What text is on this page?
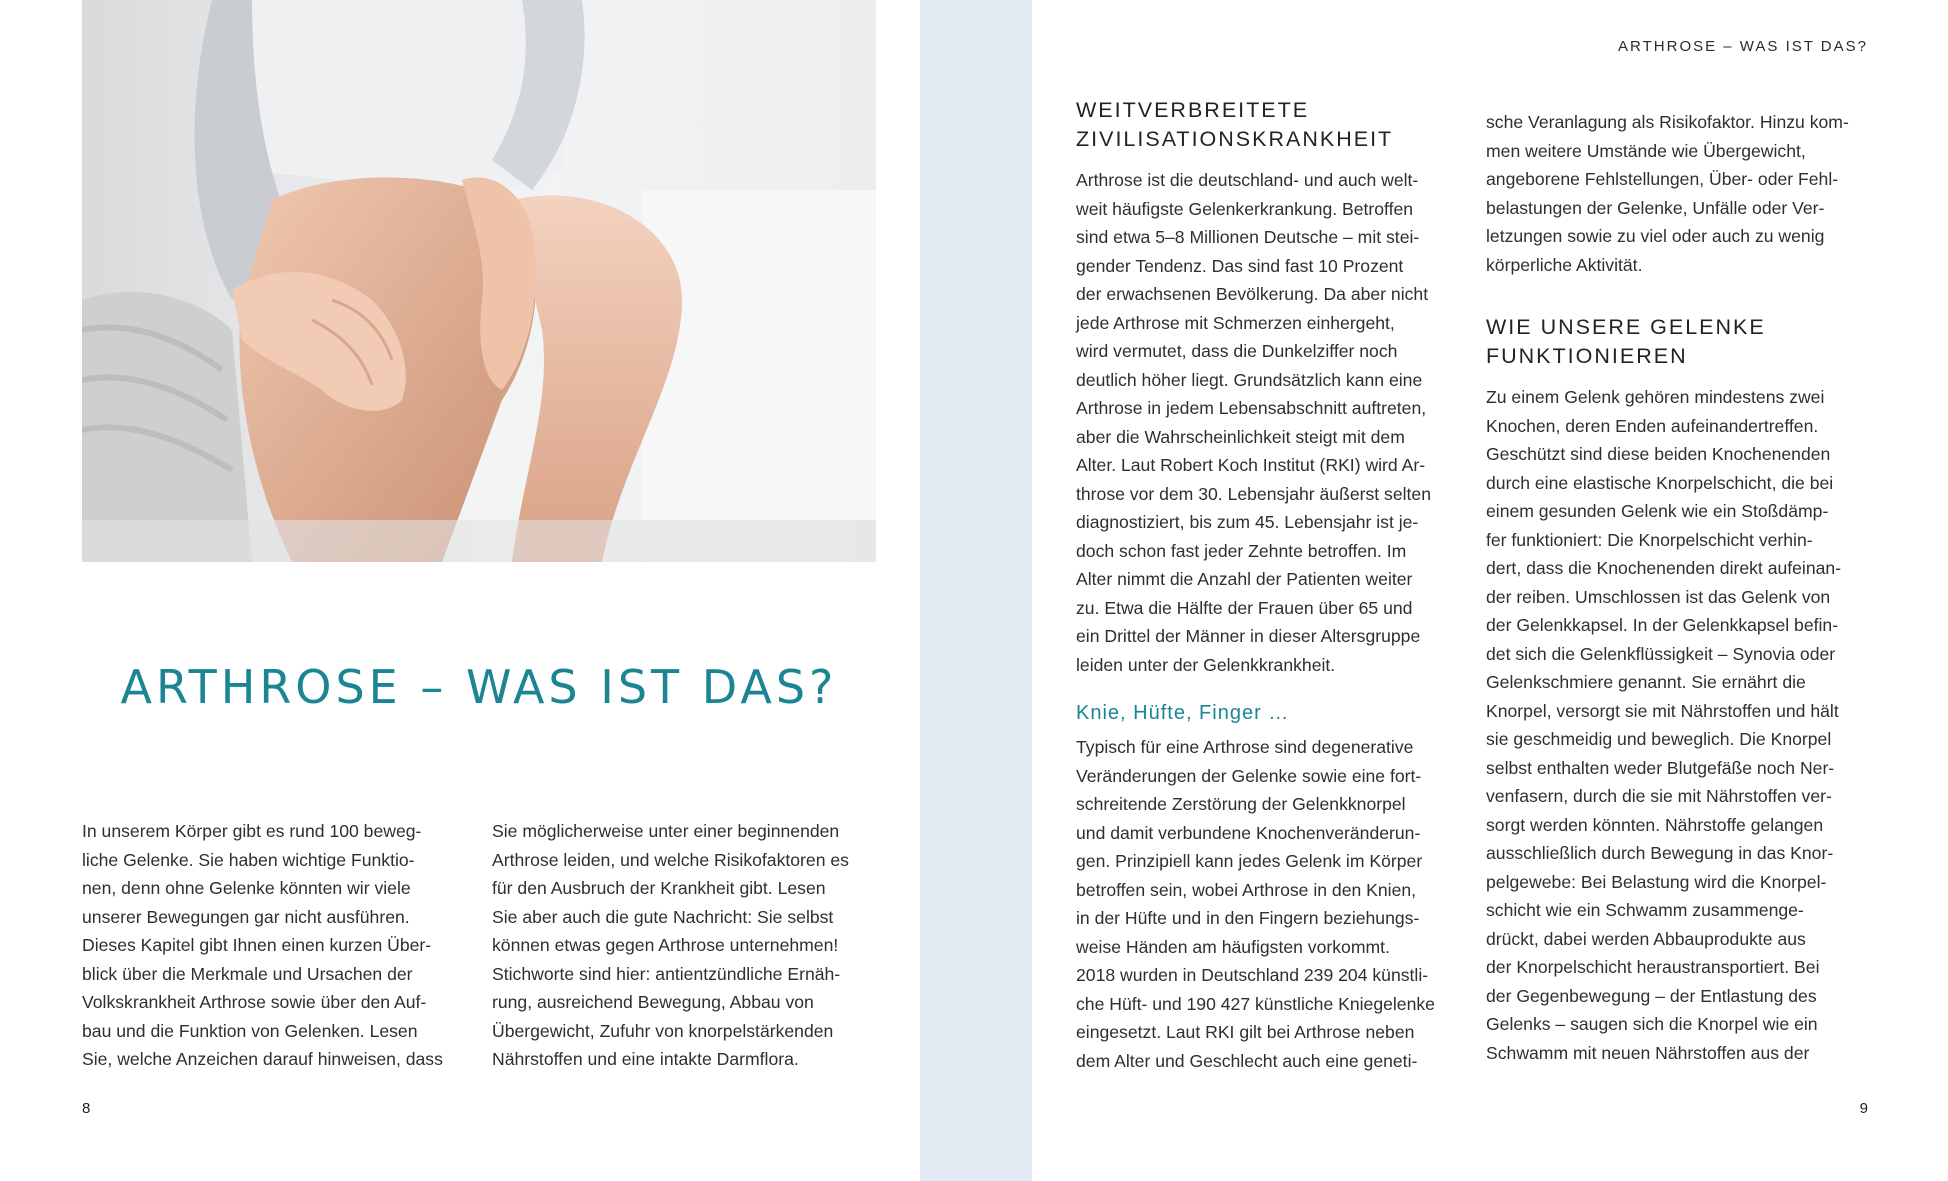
ARTHROSE – WAS IST DAS?
In unserem Körper gibt es rund 100 beweg-
liche Gelenke. Sie haben wichtige Funktio-
nen, denn ohne Gelenke könnten wir viele
unserer Bewegungen gar nicht ausführen.
Dieses Kapitel gibt Ihnen einen kurzen Über-
blick über die Merkmale und Ursachen der
Volkskrankheit Arthrose sowie über den Auf-
bau und die Funktion von Gelenken. Lesen
Sie, welche Anzeichen darauf hinweisen, dass
Sie möglicherweise unter einer beginnenden
Arthrose leiden, und welche Risikofaktoren es
für den Ausbruch der Krankheit gibt. Lesen
Sie aber auch die gute Nachricht: Sie selbst
können etwas gegen Arthrose unternehmen!
Stichworte sind hier: antientzündliche Ernäh-
rung, ausreichend Bewegung, Abbau von
Übergewicht, Zufuhr von knorpelstärkenden
Nährstoffen und eine intakte Darmflora.
8
ARTHROSE – WAS IST DAS?
WEITVERBREITETE
ZIVILISATIONSKRANKHEIT
Arthrose ist die deutschland- und auch welt-
weit häufigste Gelenkerkrankung. Betroffen
sind etwa 5–8 Millionen Deutsche – mit stei-
gender Tendenz. Das sind fast 10 Prozent
der erwachsenen Bevölkerung. Da aber nicht
jede Arthrose mit Schmerzen einhergeht,
wird vermutet, dass die Dunkelziffer noch
deutlich höher liegt. Grundsätzlich kann eine
Arthrose in jedem Lebensabschnitt auftreten,
aber die Wahrscheinlichkeit steigt mit dem
Alter. Laut Robert Koch Institut (RKI) wird Ar-
throse vor dem 30. Lebensjahr äußerst selten
diagnostiziert, bis zum 45. Lebensjahr ist je-
doch schon fast jeder Zehnte betroffen. Im
Alter nimmt die Anzahl der Patienten weiter
zu. Etwa die Hälfte der Frauen über 65 und
ein Drittel der Männer in dieser Altersgruppe
leiden unter der Gelenkkrankheit.
Knie, Hüfte, Finger …
Typisch für eine Arthrose sind degenerative
Veränderungen der Gelenke sowie eine fort-
schreitende Zerstörung der Gelenkknorpel
und damit verbundene Knochenveränderun-
gen. Prinzipiell kann jedes Gelenk im Körper
betroffen sein, wobei Arthrose in den Knien,
in der Hüfte und in den Fingern beziehungs-
weise Händen am häufigsten vorkommt.
2018 wurden in Deutschland 239 204 künstli-
che Hüft- und 190 427 künstliche Kniegelenke
eingesetzt. Laut RKI gilt bei Arthrose neben
dem Alter und Geschlecht auch eine geneti-
sche Veranlagung als Risikofaktor. Hinzu kom-
men weitere Umstände wie Übergewicht,
angeborene Fehlstellungen, Über- oder Fehl-
belastungen der Gelenke, Unfälle oder Ver-
letzungen sowie zu viel oder auch zu wenig
körperliche Aktivität.
WIE UNSERE GELENKE
FUNKTIONIEREN
Zu einem Gelenk gehören mindestens zwei
Knochen, deren Enden aufeinandertreffen.
Geschützt sind diese beiden Knochenenden
durch eine elastische Knorpelschicht, die bei
einem gesunden Gelenk wie ein Stoßdämp-
fer funktioniert: Die Knorpelschicht verhin-
dert, dass die Knochenenden direkt aufeinan-
der reiben. Umschlossen ist das Gelenk von
der Gelenkkapsel. In der Gelenkkapsel befin-
det sich die Gelenkflüssigkeit – Synovia oder
Gelenkschmiere genannt. Sie ernährt die
Knorpel, versorgt sie mit Nährstoffen und hält
sie geschmeidig und beweglich. Die Knorpel
selbst enthalten weder Blutgefäße noch Ner-
venfasern, durch die sie mit Nährstoffen ver-
sorgt werden könnten. Nährstoffe gelangen
ausschließlich durch Bewegung in das Knor-
pelgewebe: Bei Belastung wird die Knorpel-
schicht wie ein Schwamm zusammenge-
drückt, dabei werden Abbauprodukte aus
der Knorpelschicht heraustransportiert. Bei
der Gegenbewegung – der Entlastung des
Gelenks – saugen sich die Knorpel wie ein
Schwamm mit neuen Nährstoffen aus der
9
